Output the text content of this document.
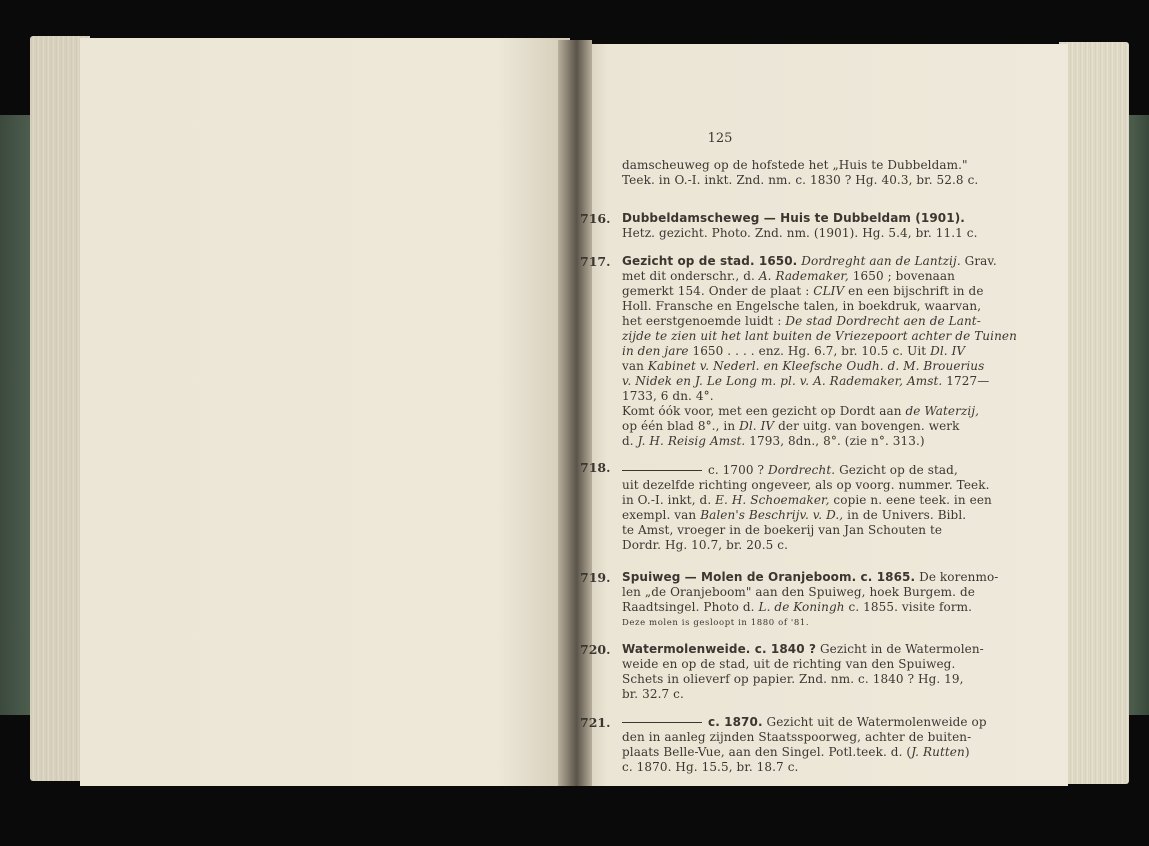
125
damscheuweg op de hofstede het „Huis te Dubbeldam."
Teek. in O.-I. inkt. Znd. nm. c. 1830 ? Hg. 40.3, br. 52.8 c.
716. Dubbeldamscheweg — Huis te Dubbeldam (1901).
Hetz. gezicht. Photo. Znd. nm. (1901). Hg. 5.4, br. 11.1 c.
717. Gezicht op de stad. 1650. Dordreght aan de Lantzij. Grav.
met dit onderschr., d. A. Rademaker, 1650 ; bovenaan
gemerkt 154. Onder de plaat : CLIV en een bijschrift in de
Holl. Fransche en Engelsche talen, in boekdruk, waarvan,
het eerstgenoemde luidt : De stad Dordrecht aen de Lant-
zijde te zien uit het lant buiten de Vriezepoort achter de Tuinen
in den jare 1650 . . . . enz. Hg. 6.7, br. 10.5 c. Uit Dl. IV
van Kabinet v. Nederl. en Kleefsche Oudh. d. M. Brouerius
v. Nidek en J. Le Long m. pl. v. A. Rademaker, Amst. 1727—
1733, 6 dn. 4°.
Komt óók voor, met een gezicht op Dordt aan de Waterzij,
op één blad 8°., in Dl. IV der uitg. van bovengen. werk
d. J. H. Reisig Amst. 1793, 8dn., 8°. (zie n°. 313.)
718.	c. 1700 ? Dordrecht. Gezicht op de stad,
uit dezelfde richting ongeveer, als op voorg. nummer. Teek.
in O.-I. inkt, d. E. H. Schoemaker, copie n. eene teek. in een
exempl. van Balen's Beschrijv. v. D., in de Univers. Bibl.
te Amst, vroeger in de boekerij van Jan Schouten te
Dordr. Hg. 10.7, br. 20.5 c.
719. Spuiweg — Molen de Oranjeboom. c. 1865. De korenmo-
len „de Oranjeboom" aan den Spuiweg, hoek Burgem. de
Raadtsingel. Photo d. L. de Koningh c. 1855. visite form.
Deze molen is gesloopt in 1880 of '81.
720. Watermolenweide. c. 1840 ? Gezicht in de Watermolen-
weide en op de stad, uit de richting van den Spuiweg.
Schets in olieverf op papier. Znd. nm. c. 1840 ? Hg. 19,
br. 32.7 c.
721.	c. 1870. Gezicht uit de Watermolenweide op
den in aanleg zijnden Staatsspoorweg, achter de buiten-
plaats Belle-Vue, aan den Singel. Potl.teek. d. (J. Rutten)
c. 1870. Hg. 15.5, br. 18.7 c.
